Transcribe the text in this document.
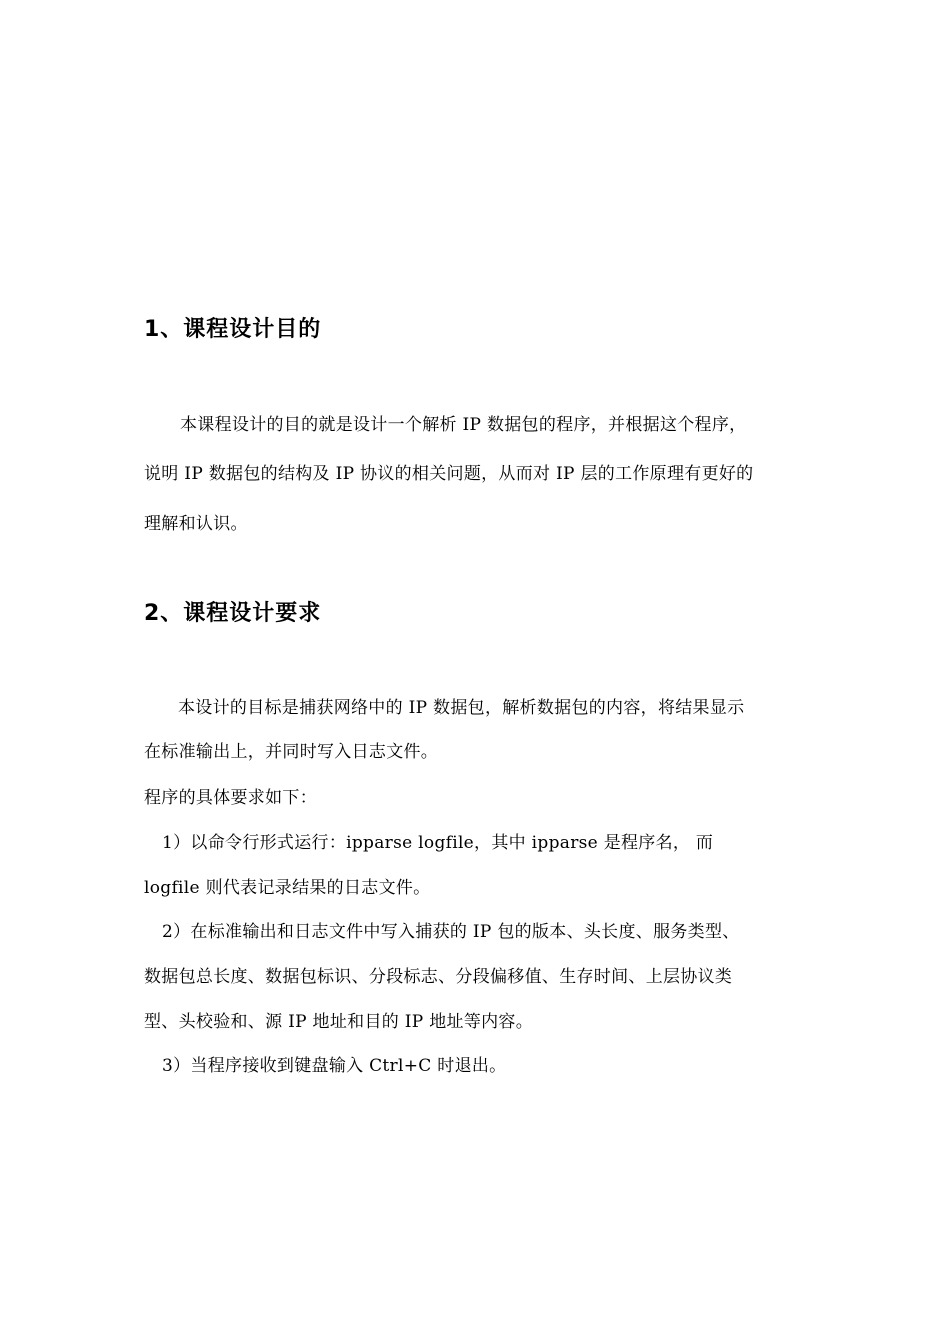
1、课程设计目的
本课程设计的目的就是设计一个解析 IP 数据包的程序，并根据这个程序，
说明 IP 数据包的结构及 IP 协议的相关问题，从而对 IP 层的工作原理有更好的
理解和认识。
2、课程设计要求
本设计的目标是捕获网络中的 IP 数据包，解析数据包的内容，将结果显示
在标准输出上，并同时写入日志文件。
程序的具体要求如下：
1）以命令行形式运行：ipparse logfile，其中 ipparse 是程序名， 而
logfile 则代表记录结果的日志文件。
2）在标准输出和日志文件中写入捕获的 IP 包的版本、头长度、服务类型、
数据包总长度、数据包标识、分段标志、分段偏移值、生存时间、上层协议类
型、头校验和、源 IP 地址和目的 IP 地址等内容。
3）当程序接收到键盘输入 Ctrl+C 时退出。
